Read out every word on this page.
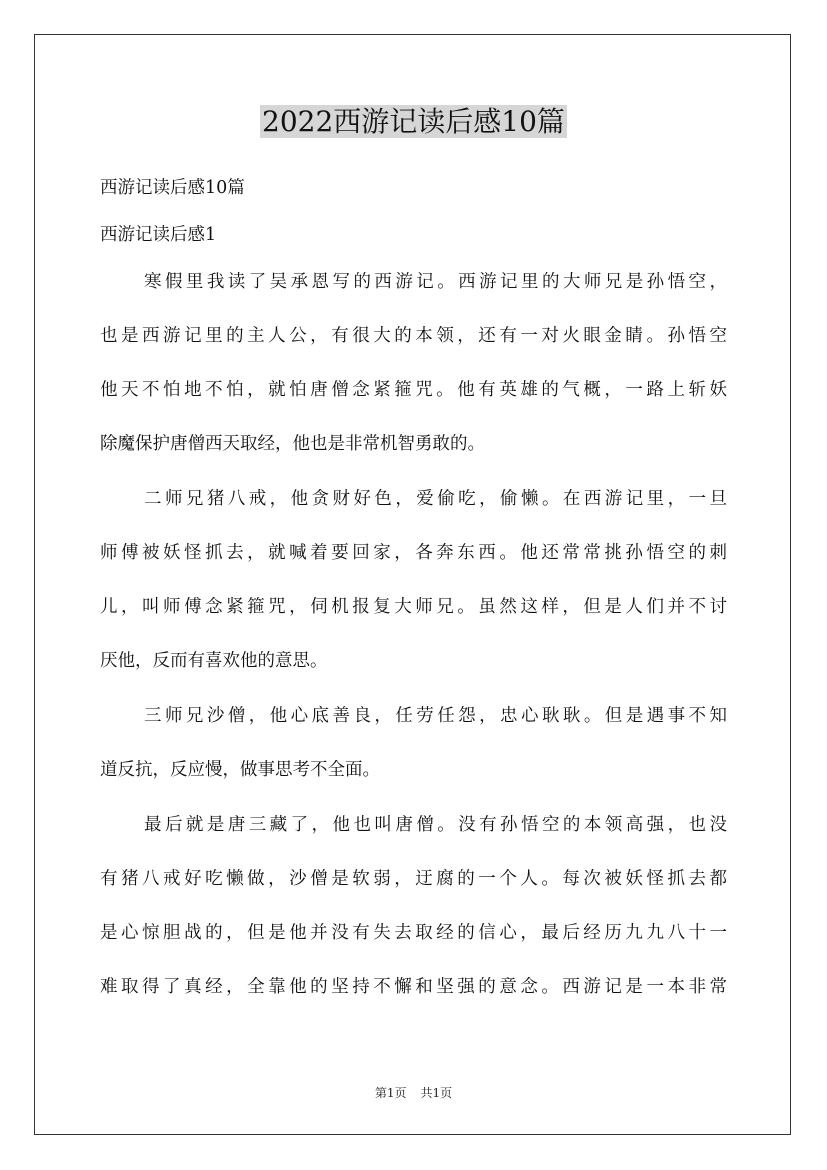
2022西游记读后感10篇

西游记读后感10篇

西游记读后感1

寒假里我读了吴承恩写的西游记。西游记里的大师兄是孙悟空，

也是西游记里的主人公，有很大的本领，还有一对火眼金睛。孙悟空

他天不怕地不怕，就怕唐僧念紧箍咒。他有英雄的气概，一路上斩妖

除魔保护唐僧西天取经，他也是非常机智勇敢的。

二师兄猪八戒，他贪财好色，爱偷吃，偷懒。在西游记里，一旦

师傅被妖怪抓去，就喊着要回家，各奔东西。他还常常挑孙悟空的刺

儿，叫师傅念紧箍咒，伺机报复大师兄。虽然这样，但是人们并不讨

厌他，反而有喜欢他的意思。

三师兄沙僧，他心底善良，任劳任怨，忠心耿耿。但是遇事不知

道反抗，反应慢，做事思考不全面。

最后就是唐三藏了，他也叫唐僧。没有孙悟空的本领高强，也没

有猪八戒好吃懒做，沙僧是软弱，迂腐的一个人。每次被妖怪抓去都

是心惊胆战的，但是他并没有失去取经的信心，最后经历九九八十一

难取得了真经，全靠他的坚持不懈和坚强的意念。西游记是一本非常

第1页 共1页
